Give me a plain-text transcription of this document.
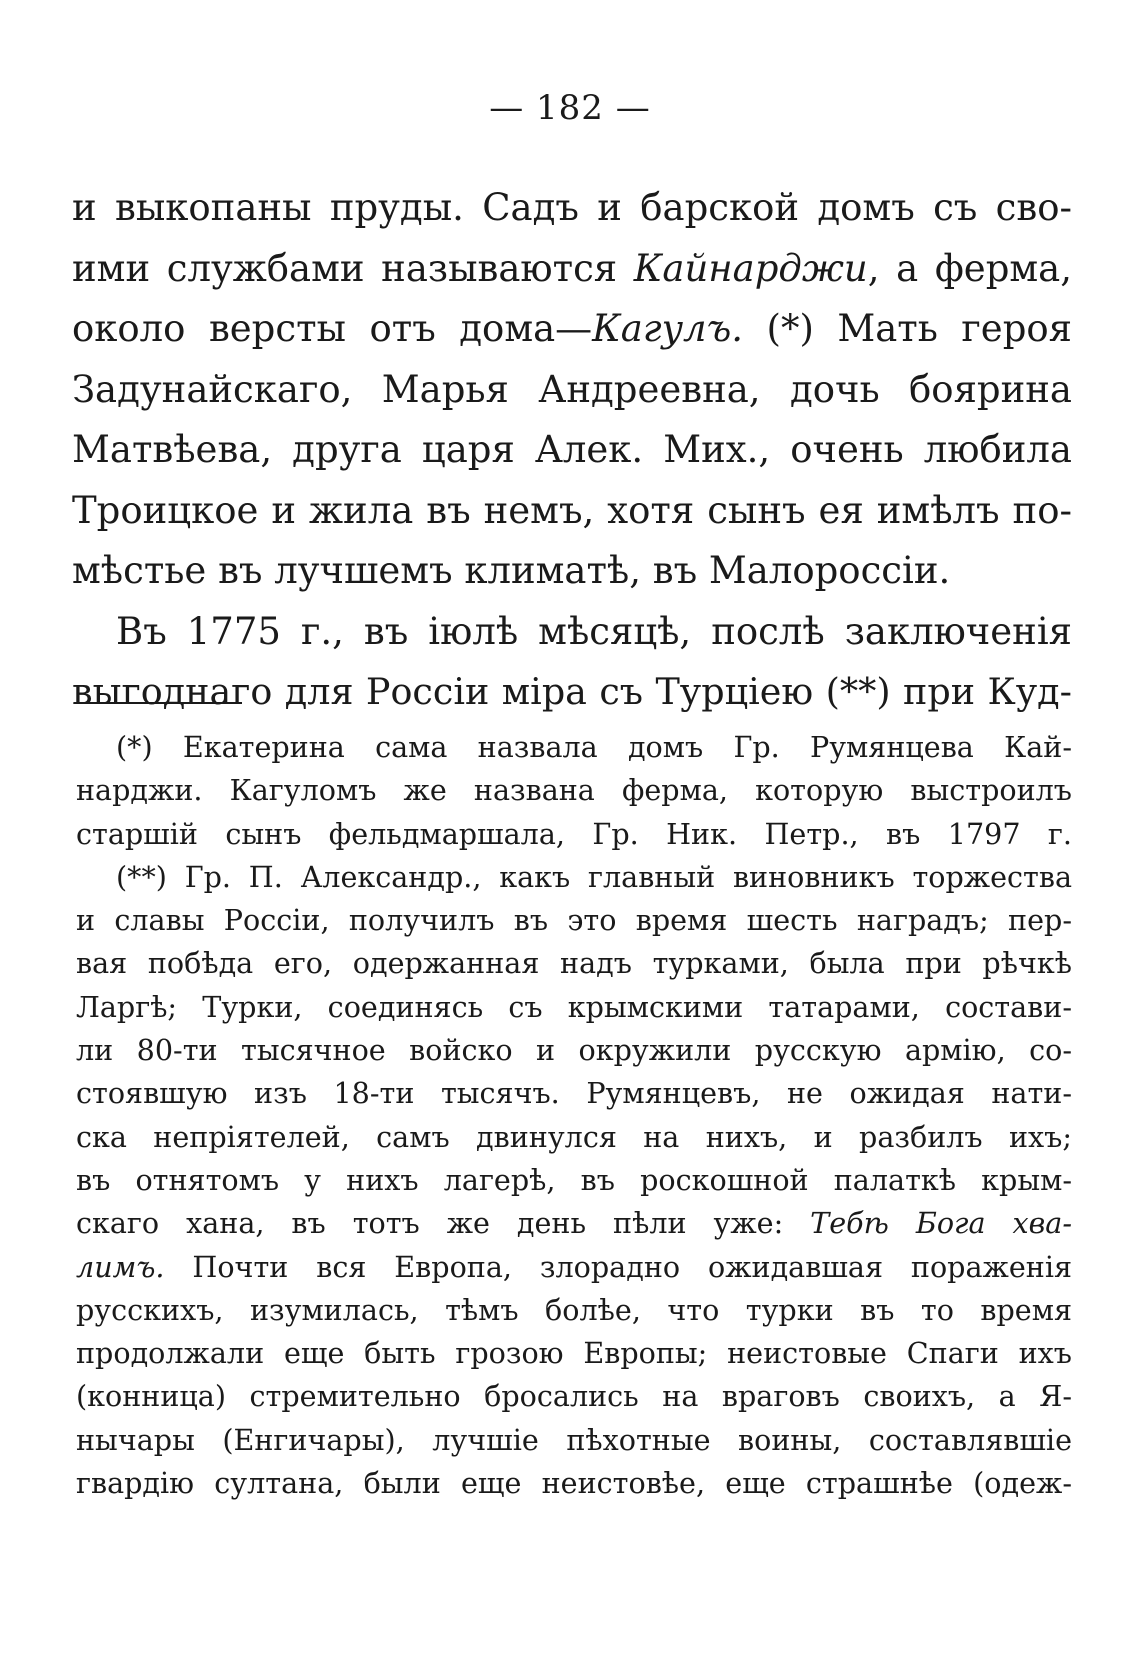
— 182 —

и выкопаны пруды. Садъ и барской домъ съ сво-
ими службами называются Кайнарджи, а ферма,
около версты отъ дома—Кагулъ. (*) Мать героя
Задунайскаго, Марья Андреевна, дочь боярина
Матвѣева, друга царя Алек. Мих., очень любила
Троицкое и жила въ немъ, хотя сынъ ея имѣлъ по-
мѣстье въ лучшемъ климатѣ, въ Малороссіи.

Въ 1775 г., въ іюлѣ мѣсяцѣ, послѣ заключенія
выгоднаго для Россіи міра съ Турціею (**) при Куд-

(*) Екатерина сама назвала домъ Гр. Румянцева Кай-
нарджи. Кагуломъ же названа ферма, которую выстроилъ
старшій сынъ фельдмаршала, Гр. Ник. Петр., въ 1797 г.

(**) Гр. П. Александр., какъ главный виновникъ торжества
и славы Россіи, получилъ въ это время шесть наградъ; пер-
вая побѣда его, одержанная надъ турками, была при рѣчкѣ
Ларгѣ; Турки, соединясь съ крымскими татарами, состави-
ли 80-ти тысячное войско и окружили русскую армію, со-
стоявшую изъ 18-ти тысячъ. Румянцевъ, не ожидая нати-
ска непріятелей, самъ двинулся на нихъ, и разбилъ ихъ;
въ отнятомъ у нихъ лагерѣ, въ роскошной палаткѣ крым-
скаго хана, въ тотъ же день пѣли уже: Тебѣ Бога хва-
лимъ. Почти вся Европа, злорадно ожидавшая пораженія
русскихъ, изумилась, тѣмъ болѣе, что турки въ то время
продолжали еще быть грозою Европы; неистовые Спаги ихъ
(конница) стремительно бросались на враговъ своихъ, а Я-
нычары (Енгичары), лучшіе пѣхотные воины, составлявшіе
гвардію султана, были еще неистовѣе, еще страшнѣе (одеж-
